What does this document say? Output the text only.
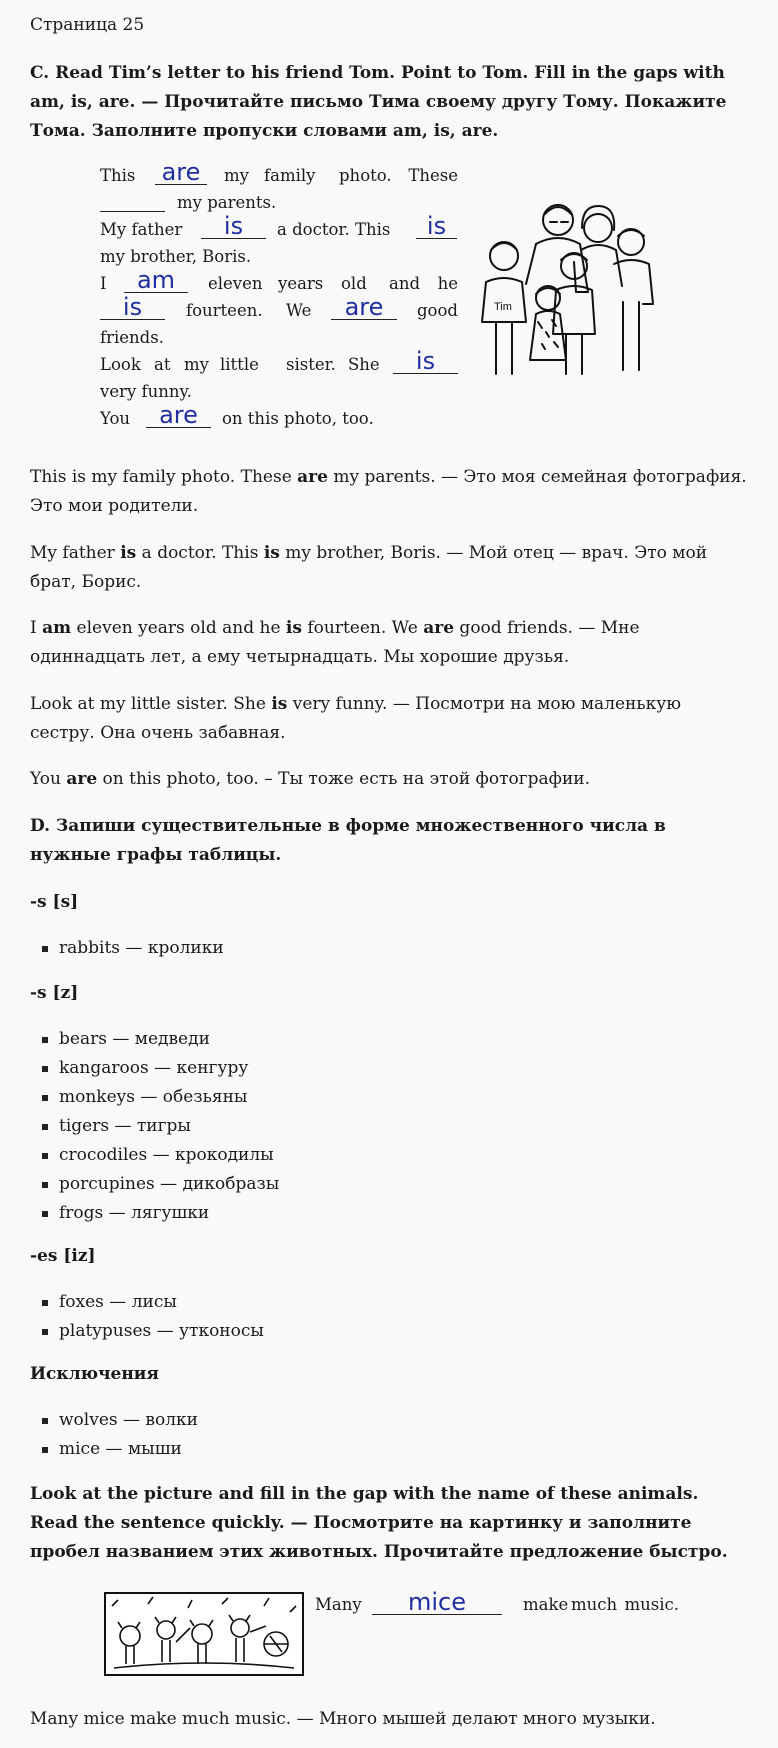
Страница 25

C. Read Tim’s letter to his friend Tom. Point to Tom. Fill in the gaps with am, is, are. — Прочитайте письмо Тима своему другу Тому. Покажите Тома. Заполните пропуски словами am, is, are.

This are	my family photo. These
my parents.
My father	is	a doctor. This	is
my brother, Boris.
I	am	eleven years old and he
is	fourteen. We	are	good
friends.
Look at my little sister. She	is
very funny.
You	are	on this photo, too.
Tim

This is my family photo. These are my parents. — Это моя семейная фотография. Это мои родители.

My father is a doctor. This is my brother, Boris. — Мой отец — врач. Это мой брат, Борис.

I am eleven years old and he is fourteen. We are good friends. — Мне одиннадцать лет, а ему четырнадцать. Мы хорошие друзья.

Look at my little sister. She is very funny. — Посмотри на мою маленькую сестру. Она очень забавная.

You are on this photo, too. – Ты тоже есть на этой фотографии.

D. Запиши существительные в форме множественного числа в нужные графы таблицы.

-s [s]
rabbits — кролики
-s [z]
bears — медведи
kangaroos — кенгуру
monkeys — обезьяны
tigers — тигры
crocodiles — крокодилы
porcupines — дикобразы
frogs — лягушки
-es [iz]
foxes — лисы
platypuses — утконосы
Исключения
wolves — волки
mice — мыши

Look at the picture and fill in the gap with the name of these animals. Read the sentence quickly. — Посмотрите на картинку и заполните пробел названием этих животных. Прочитайте предложение быстро.

Many	mice	make much music.

Many mice make much music. — Много мышей делают много музыки.
